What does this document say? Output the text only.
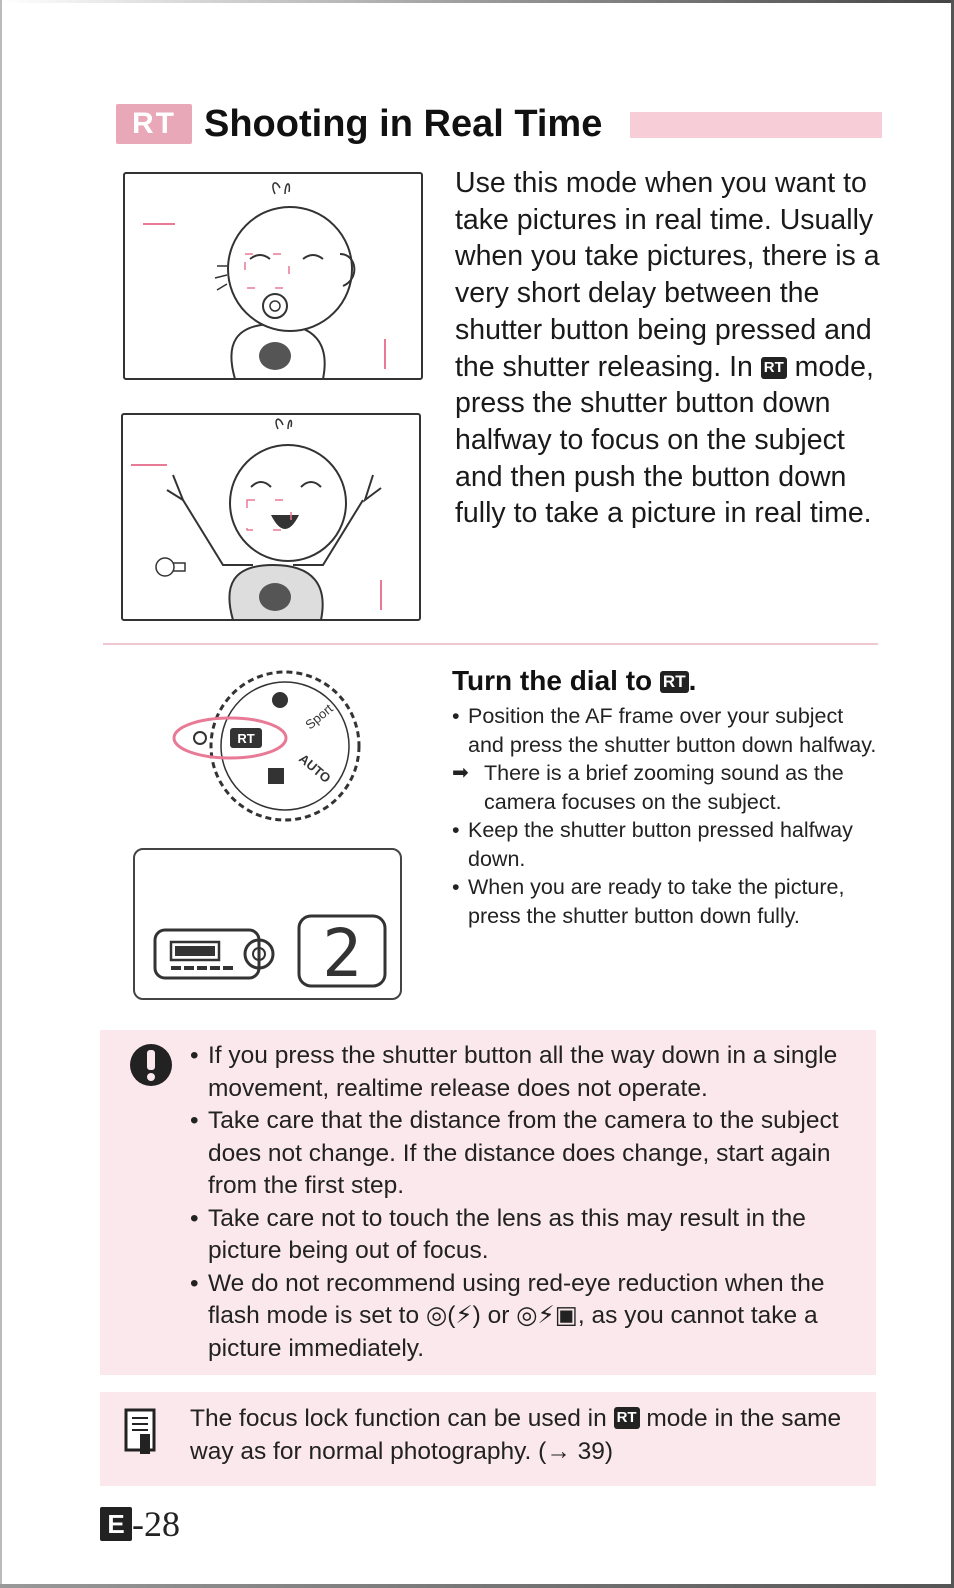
RT Shooting in Real Time

Use this mode when you want to take pictures in real time. Usually when you take pictures, there is a very short delay between the shutter button being pressed and the shutter releasing. In RT mode, press the shutter button down halfway to focus on the subject and then push the button down fully to take a picture in real time.

RT
Sport
AUTO
2
Turn the dial to RT .
• Position the AF frame over your subject and press the shutter button down halfway.
➡ There is a brief zooming sound as the camera focuses on the subject.
• Keep the shutter button pressed halfway down.
• When you are ready to take the picture, press the shutter button down fully.
• If you press the shutter button all the way down in a single movement, realtime release does not operate.
• Take care that the distance from the camera to the subject does not change. If the distance does change, start again from the first step.
• Take care not to touch the lens as this may result in the picture being out of focus.
• We do not recommend using red-eye reduction when the flash mode is set to ◎(⚡) or ◎⚡▣, as you cannot take a picture immediately.
The focus lock function can be used in RT mode in the same way as for normal photography. (→ 39)
E -28
